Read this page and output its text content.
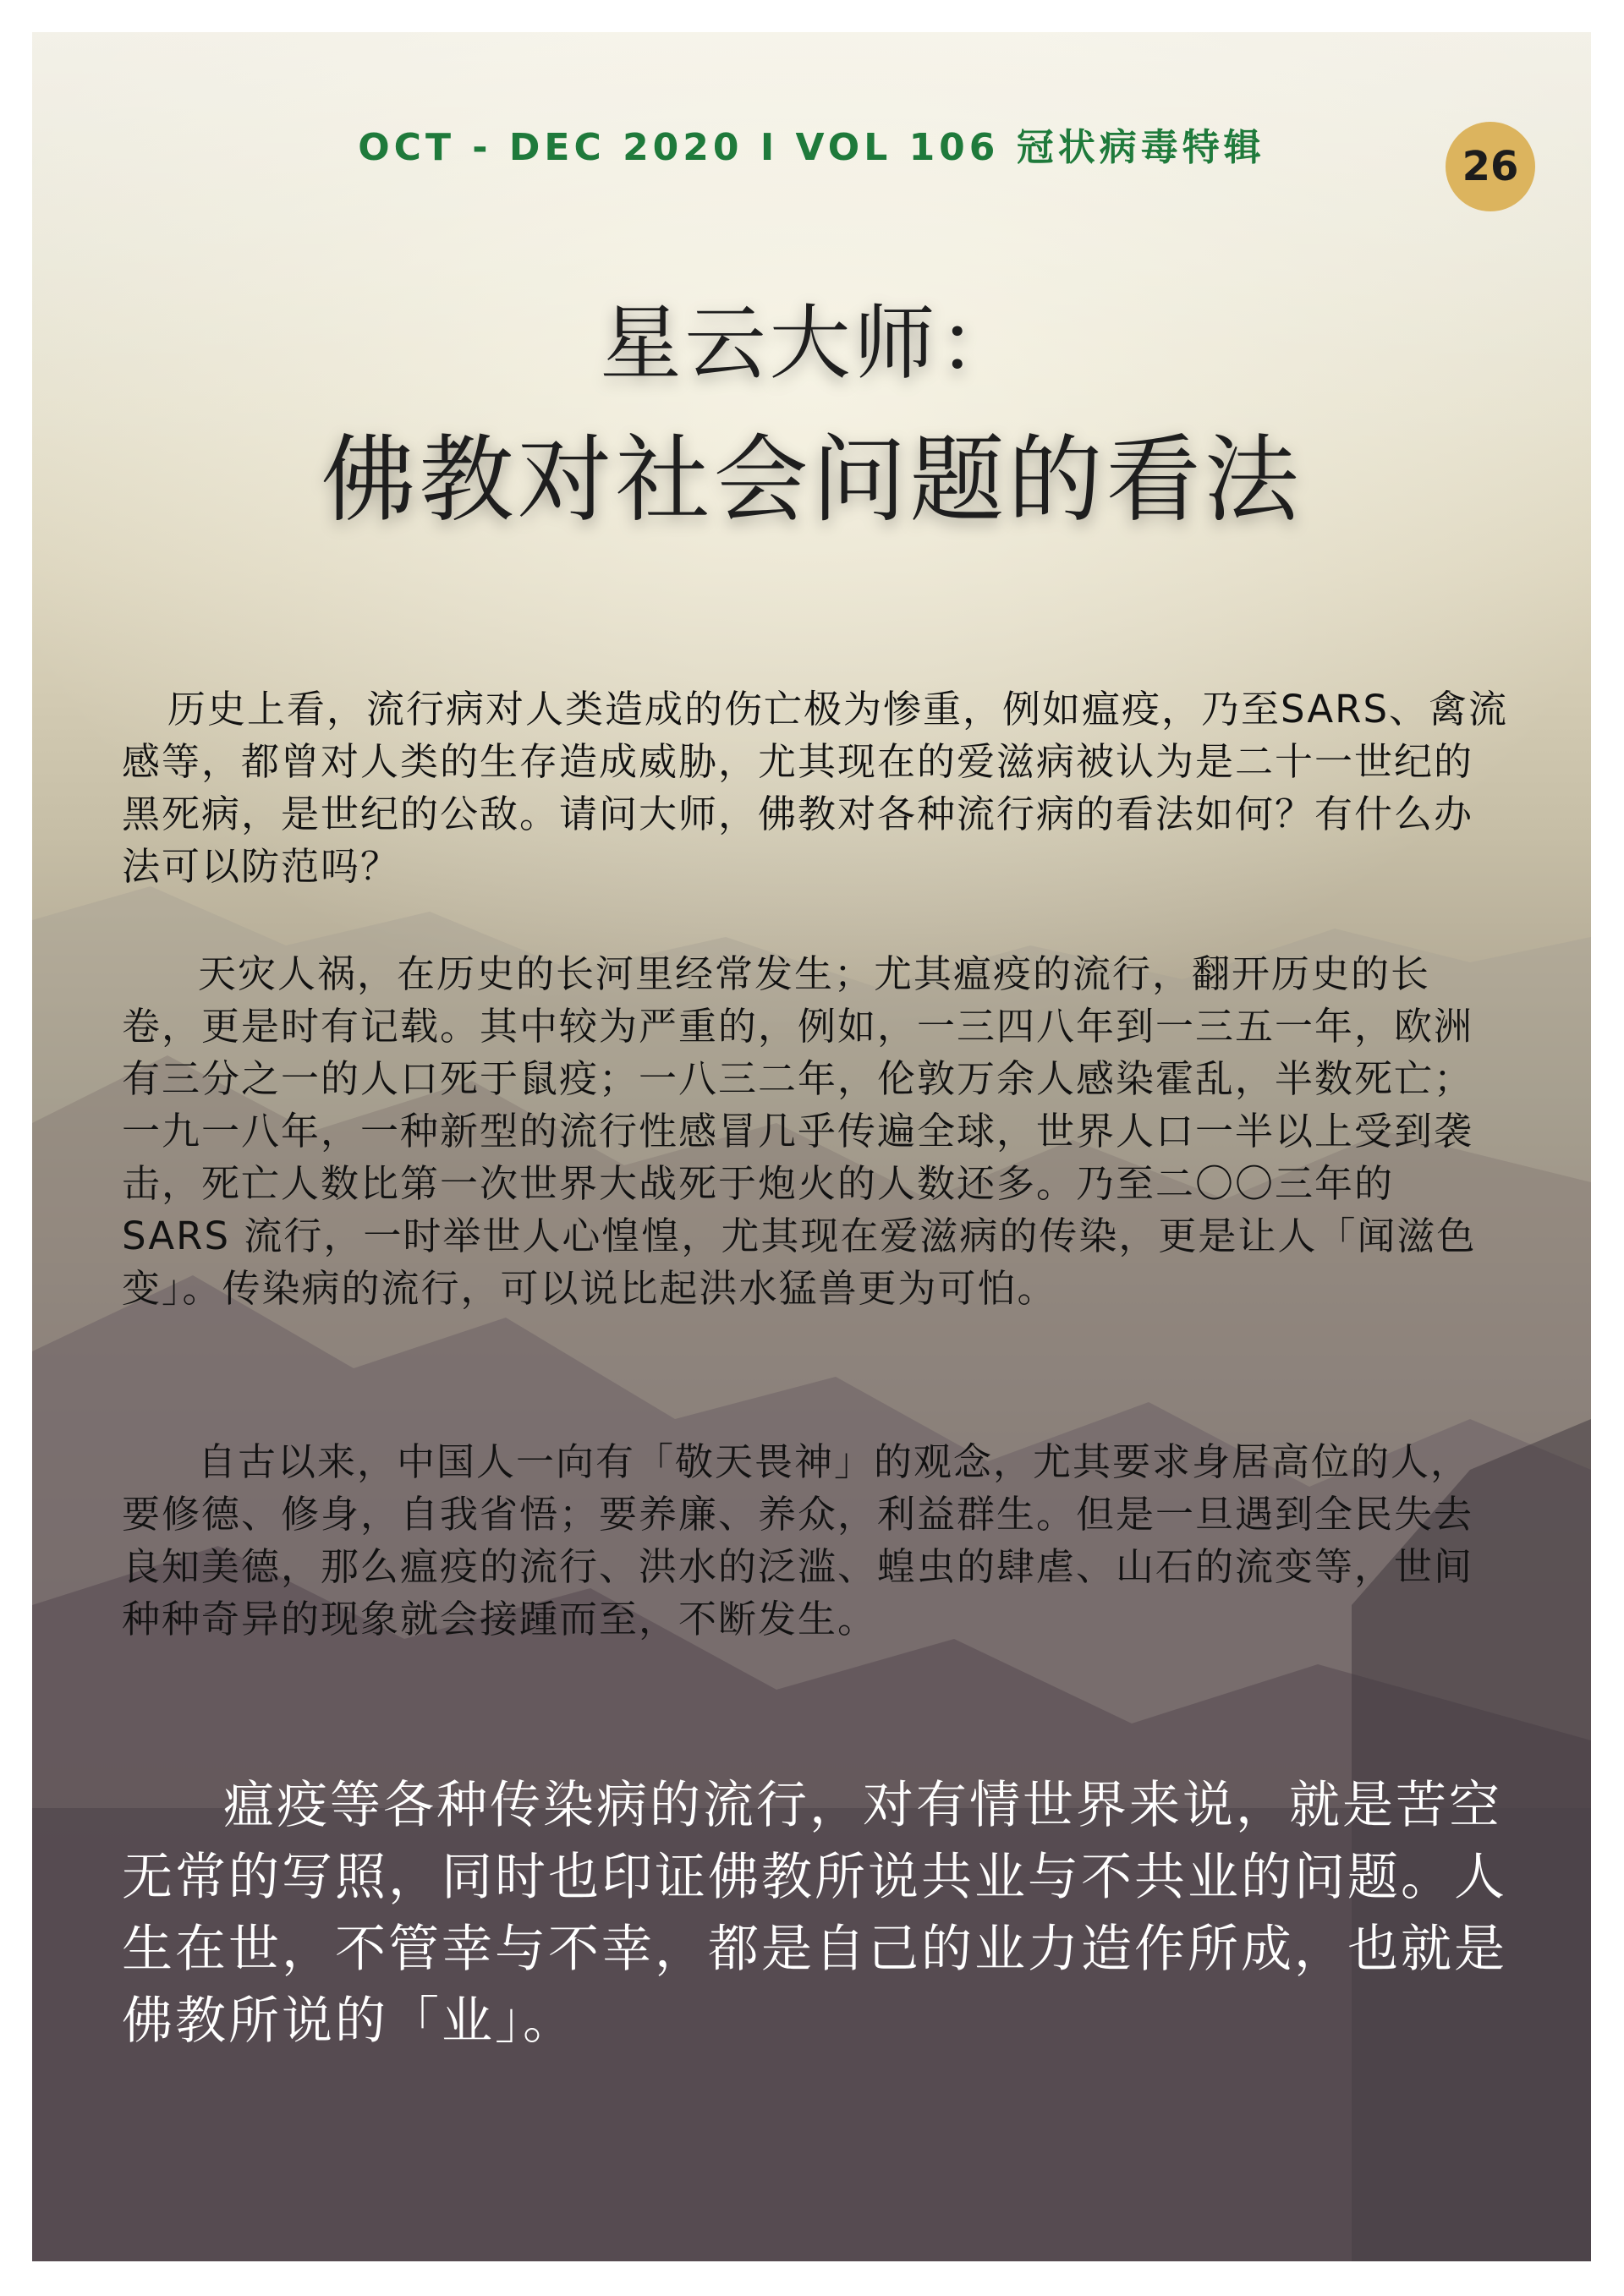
OCT - DEC 2020 I VOL 106 冠状病毒特辑	26
星云大师：
佛教对社会问题的看法

历史上看，流行病对人类造成的伤亡极为惨重，例如瘟疫，乃至SARS、禽流感等，都曾对人类的生存造成威胁，尤其现在的爱滋病被认为是二十一世纪的黑死病，是世纪的公敌。请问大师，佛教对各种流行病的看法如何？有什么办法可以防范吗？

天灾人祸，在历史的长河里经常发生；尤其瘟疫的流行，翻开历史的长卷，更是时有记载。其中较为严重的，例如，一三四八年到一三五一年，欧洲有三分之一的人口死于鼠疫；一八三二年，伦敦万余人感染霍乱，半数死亡；一九一八年，一种新型的流行性感冒几乎传遍全球，世界人口一半以上受到袭击，死亡人数比第一次世界大战死于炮火的人数还多。乃至二〇〇三年的 SARS 流行，一时举世人心惶惶，尤其现在爱滋病的传染，更是让人「闻滋色变」。传染病的流行，可以说比起洪水猛兽更为可怕。

自古以来，中国人一向有「敬天畏神」的观念，尤其要求身居高位的人，要修德、修身，自我省悟；要养廉、养众，利益群生。但是一旦遇到全民失去良知美德，那么瘟疫的流行、洪水的泛滥、蝗虫的肆虐、山石的流变等，世间种种奇异的现象就会接踵而至，不断发生。

瘟疫等各种传染病的流行，对有情世界来说，就是苦空无常的写照，同时也印证佛教所说共业与不共业的问题。人生在世，不管幸与不幸，都是自己的业力造作所成，也就是佛教所说的「业」。
